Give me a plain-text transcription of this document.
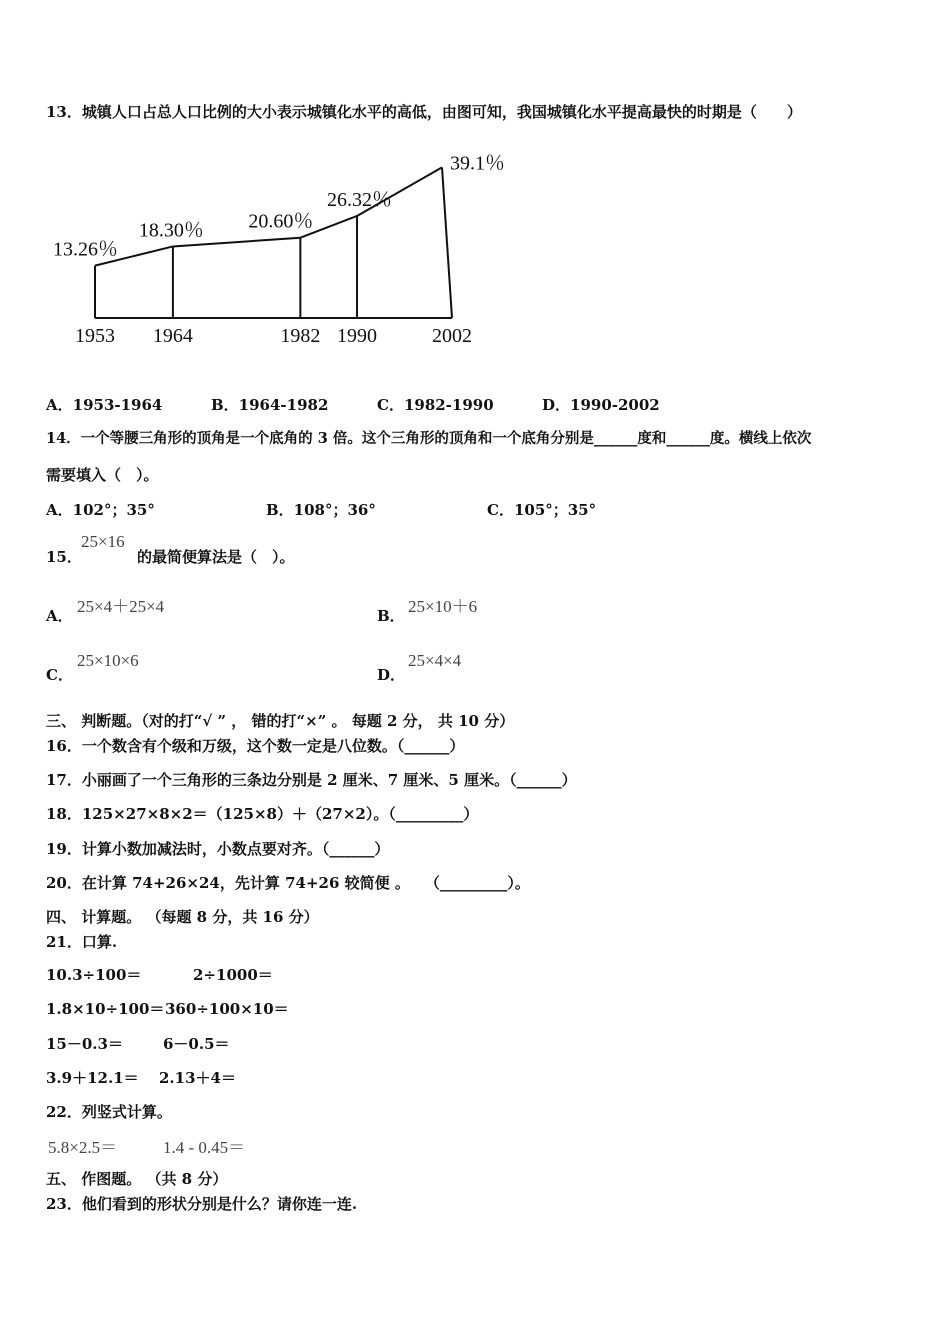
13．城镇人口占总人口比例的大小表示城镇化水平的高低，由图可知，我国城镇化水平提高最快的时期是（　　）
13.26％
18.30％ 20.60％
26.32％
39.1％
1953 1964	1982 1990	2002
A．1953-1964	B．1964-1982	C．1982-1990	D．1990-2002
14．一个等腰三角形的顶角是一个底角的 3 倍。这个三角形的顶角和一个底角分别是______度和______度。横线上依次
需要填入（　）。
A．102°；35°	B．108°；36°	C．105°；35°
15．
25×16
的最简便算法是（　）。
A． 25×4＋25×4	B． 25×10＋6
C．
25×10×6
D．
25×4×4
三、 判断题。（对的打“√ ” ， 错的打“×” 。 每题 2 分， 共 10 分）
16．一个数含有个级和万级，这个数一定是八位数。（______）
17．小丽画了一个三角形的三条边分别是 2 厘米、7 厘米、5 厘米。（______）
18．125×27×8×2＝（125×8）＋（27×2）。（_________）
19．计算小数加减法时，小数点要对齐。（______）
20．在计算 74+26×24，先计算 74+26 较简便 。　　（_________）。
四、 计算题。 （每题 8 分，共 16 分）
21．口算.
10.3÷100＝	2÷1000＝
1.8×10÷100＝ 360÷100×10＝
15－0.3＝	6－0.5＝
3.9＋12.1＝ 2.13＋4＝
22．列竖式计算。
5.8×2.5＝	1.4 - 0.45＝
五、 作图题。 （共 8 分）
23．他们看到的形状分别是什么？请你连一连.
